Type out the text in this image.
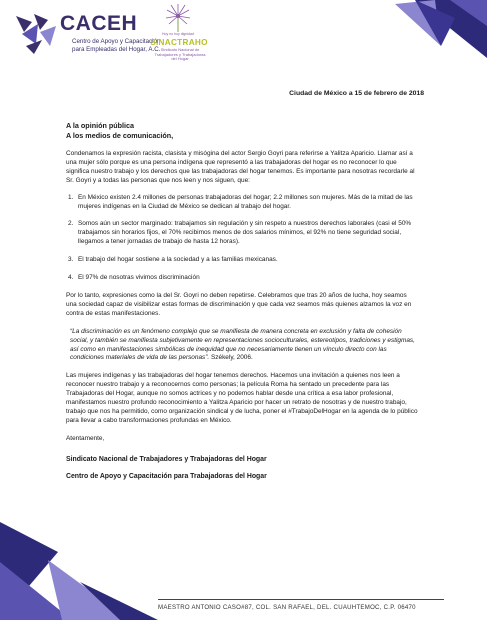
CACEH
Centro de Apoyo y Capacitación
para Empleadas del Hogar, A.C.
Hoy no hoy dignidad
SINACTRAHO
Sindicato Nacional de Trabajadores y Trabajadoras del Hogar
Ciudad de México a 15 de febrero de 2018
A la opinión pública
A los medios de comunicación,

Condenamos la expresión racista, clasista y misógina del actor Sergio Goyri para referirse a Yalitza Aparicio. Llamar así a una mujer sólo porque es una persona indígena que representó a las trabajadoras del hogar es no reconocer lo que significa nuestro trabajo y los derechos que las trabajadoras del hogar tenemos. Es importante para nosotras recordarle al Sr. Goyri y a todas las personas que nos leen y nos siguen, que:

1. En México existen 2.4 millones de personas trabajadoras del hogar; 2.2 millones son mujeres. Más de la mitad de las mujeres indígenas en la Ciudad de México se dedican al trabajo del hogar.
2. Somos aún un sector marginado: trabajamos sin regulación y sin respeto a nuestros derechos laborales (casi el 50% trabajamos sin horarios fijos, el 70% recibimos menos de dos salarios mínimos, el 92% no tiene seguridad social, llegamos a tener jornadas de trabajo de hasta 12 horas).
3. El trabajo del hogar sostiene a la sociedad y a las familias mexicanas.
4. El 97% de nosotras vivimos discriminación

Por lo tanto, expresiones como la del Sr. Goyri no deben repetirse. Celebramos que tras 20 años de lucha, hoy seamos una sociedad capaz de visibilizar estas formas de discriminación y que cada vez seamos más quienes alzamos la voz en contra de estas manifestaciones.

“La discriminación es un fenómeno complejo que se manifiesta de manera concreta en exclusión y falta de cohesión social, y también se manifiesta subjetivamente en representaciones socioculturales, estereotipos, tradiciones y estigmas, así como en manifestaciones simbólicas de inequidad que no necesariamente tienen un vínculo directo con las condiciones materiales de vida de las personas”. Székely, 2006.

Las mujeres indígenas y las trabajadoras del hogar tenemos derechos. Hacemos una invitación a quienes nos leen a reconocer nuestro trabajo y a reconocernos como personas; la película Roma ha sentado un precedente para las Trabajadoras del Hogar, aunque no somos actrices y no podemos hablar desde una crítica a esa labor profesional, manifestamos nuestro profundo reconocimiento a Yalitza Aparicio por hacer un retrato de nosotras y de nuestro trabajo, trabajo que nos ha permitido, como organización sindical y de lucha, poner el #TrabajoDelHogar en la agenda de lo público para llevar a cabo transformaciones profundas en México.

Atentamente,

Sindicato Nacional de Trabajadores y Trabajadoras del Hogar

Centro de Apoyo y Capacitación para Trabajadoras del Hogar

MAESTRO ANTONIO CASO#87, COL. SAN RAFAEL, DEL. CUAUHTEMOC, C.P. 06470
